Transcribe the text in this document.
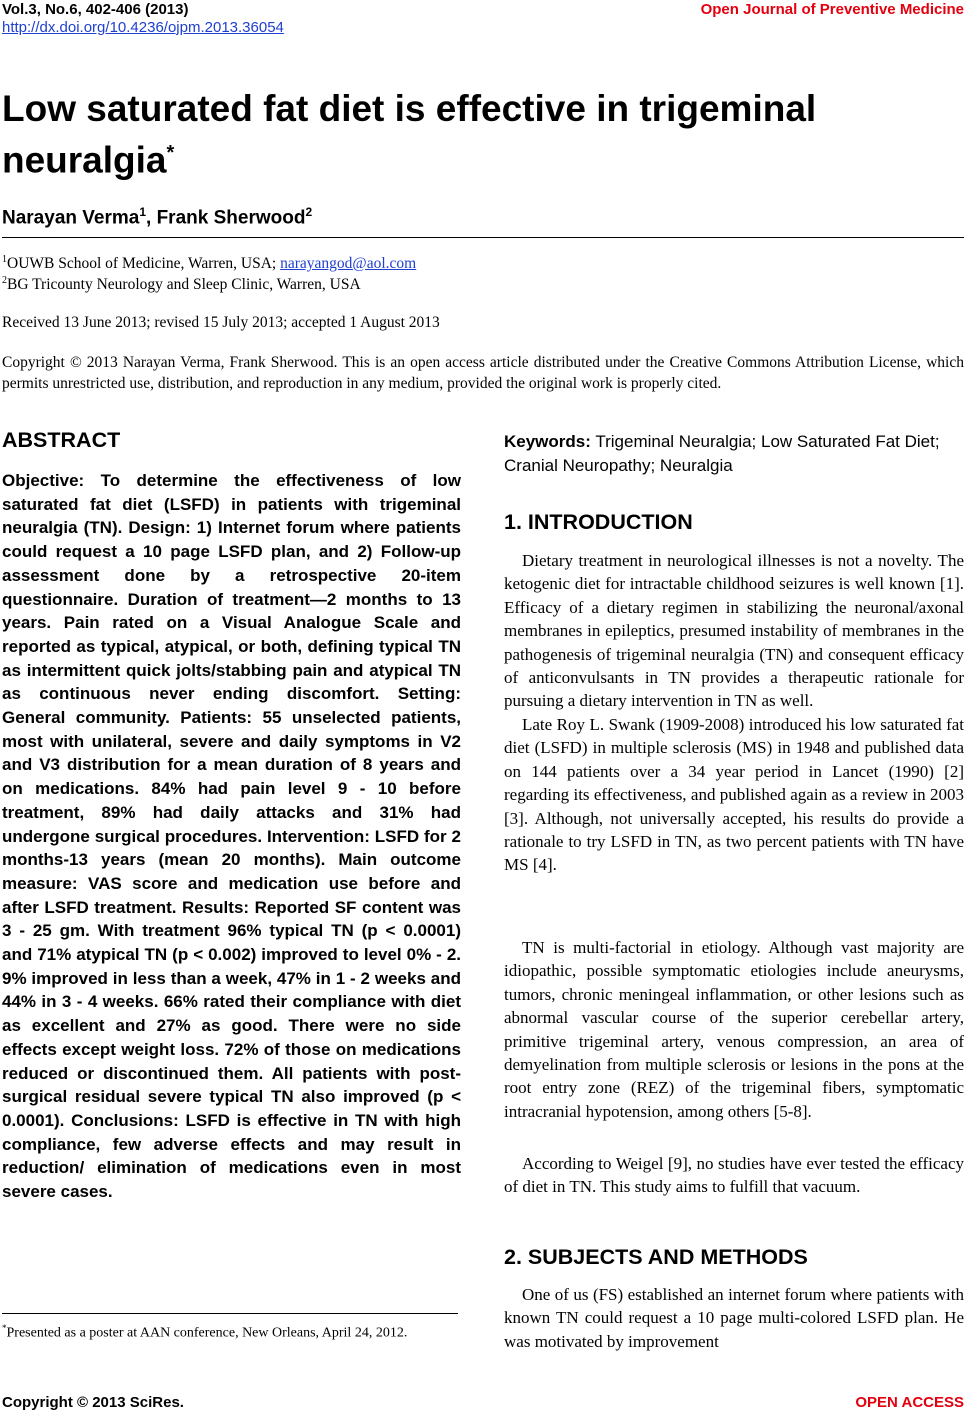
Vol.3, No.6, 402-406 (2013)	Open Journal of Preventive Medicine
http://dx.doi.org/10.4236/ojpm.2013.36054
Low saturated fat diet is effective in trigeminal neuralgia*
Narayan Verma$^1$, Frank Sherwood$^2$
$^1$OUWB School of Medicine, Warren, USA; narayangod@aol.com
$^2$BG Tricounty Neurology and Sleep Clinic, Warren, USA
Received 13 June 2013; revised 15 July 2013; accepted 1 August 2013
Copyright © 2013 Narayan Verma, Frank Sherwood. This is an open access article distributed under the Creative Commons Attribution License, which permits unrestricted use, distribution, and reproduction in any medium, provided the original work is properly cited.
ABSTRACT
Objective: To determine the effectiveness of low saturated fat diet (LSFD) in patients with trigeminal neuralgia (TN). Design: 1) Internet forum where patients could request a 10 page LSFD plan, and 2) Follow-up assessment done by a retrospective 20-item questionnaire. Duration of treatment—2 months to 13 years. Pain rated on a Visual Analogue Scale and reported as typical, atypical, or both, defining typical TN as intermittent quick jolts/stabbing pain and atypical TN as continuous never ending discomfort. Setting: General community. Patients: 55 unselected patients, most with unilateral, severe and daily symptoms in V2 and V3 distribution for a mean duration of 8 years and on medications. 84% had pain level 9 - 10 before treatment, 89% had daily attacks and 31% had undergone surgical procedures. Intervention: LSFD for 2 months-13 years (mean 20 months). Main outcome measure: VAS score and medication use before and after LSFD treatment. Results: Reported SF content was 3 - 25 gm. With treatment 96% typical TN (p < 0.0001) and 71% atypical TN (p < 0.002) improved to level 0% - 2. 9% improved in less than a week, 47% in 1 - 2 weeks and 44% in 3 - 4 weeks. 66% rated their compliance with diet as excellent and 27% as good. There were no side effects except weight loss. 72% of those on medications reduced or discontinued them. All patients with post-surgical residual severe typical TN also improved (p < 0.0001). Conclusions: LSFD is effective in TN with high compliance, few adverse effects and may result in reduction/ elimination of medications even in most severe cases.
*Presented as a poster at AAN conference, New Orleans, April 24, 2012.
Keywords: Trigeminal Neuralgia; Low Saturated Fat Diet; Cranial Neuropathy; Neuralgia
1. INTRODUCTION

Dietary treatment in neurological illnesses is not a novelty. The ketogenic diet for intractable childhood seizures is well known [1]. Efficacy of a dietary regimen in stabilizing the neuronal/axonal membranes in epileptics, presumed instability of membranes in the pathogenesis of trigeminal neuralgia (TN) and consequent efficacy of anticonvulsants in TN provides a therapeutic rationale for pursuing a dietary intervention in TN as well.

Late Roy L. Swank (1909-2008) introduced his low saturated fat diet (LSFD) in multiple sclerosis (MS) in 1948 and published data on 144 patients over a 34 year period in Lancet (1990) [2] regarding its effectiveness, and published again as a review in 2003 [3]. Although, not universally accepted, his results do provide a rationale to try LSFD in TN, as two percent patients with TN have MS [4].

TN is multi-factorial in etiology. Although vast majority are idiopathic, possible symptomatic etiologies include aneurysms, tumors, chronic meningeal inflammation, or other lesions such as abnormal vascular course of the superior cerebellar artery, primitive trigeminal artery, venous compression, an area of demyelination from multiple sclerosis or lesions in the pons at the root entry zone (REZ) of the trigeminal fibers, symptomatic intracranial hypotension, among others [5-8].

According to Weigel [9], no studies have ever tested the efficacy of diet in TN. This study aims to fulfill that vacuum.

2. SUBJECTS AND METHODS

One of us (FS) established an internet forum where patients with known TN could request a 10 page multi-colored LSFD plan. He was motivated by improvement

Copyright © 2013 SciRes.	OPEN ACCESS
